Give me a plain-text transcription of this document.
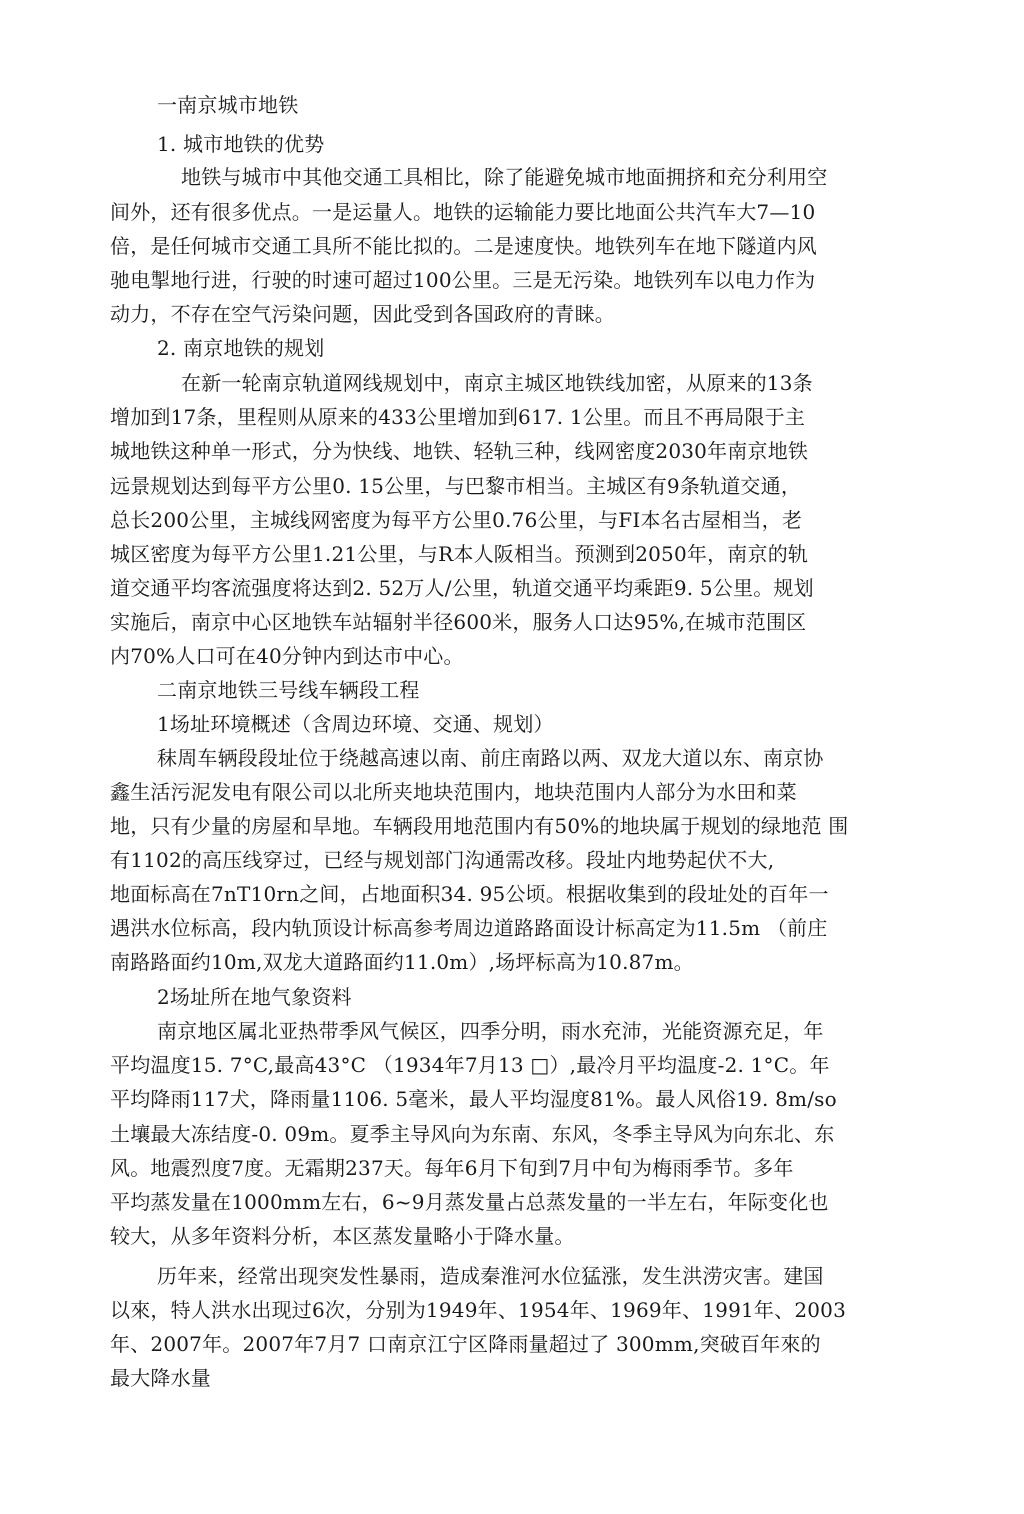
一南京城市地铁
1. 城市地铁的优势
地铁与城市中其他交通工具相比，除了能避免城市地面拥挤和充分利用空
间外，还有很多优点。一是运量人。地铁的运输能力要比地面公共汽车大7—10
倍，是任何城市交通工具所不能比拟的。二是速度快。地铁列车在地下隧道内风
驰电掣地行进，行驶的时速可超过100公里。三是无污染。地铁列车以电力作为
动力，不存在空气污染问题，因此受到各国政府的青睐。
2. 南京地铁的规划
在新一轮南京轨道网线规划中，南京主城区地铁线加密，从原来的13条
增加到17条，里程则从原来的433公里增加到617. 1公里。而且不再局限于主
城地铁这种单一形式，分为快线、地铁、轻轨三种，线网密度2030年南京地铁
远景规划达到每平方公里0. 15公里，与巴黎市相当。主城区有9条轨道交通，
总长200公里，主城线网密度为每平方公里0.76公里，与FI本名古屋相当，老
城区密度为每平方公里1.21公里，与R本人阪相当。预测到2050年，南京的轨
道交通平均客流强度将达到2. 52万人/公里，轨道交通平均乘距9. 5公里。规划
实施后，南京中心区地铁车站辐射半径600米，服务人口达95%,在城市范围区
内70%人口可在40分钟内到达市中心。
二南京地铁三号线车辆段工程
1场址环境概述（含周边环境、交通、规划）
秣周车辆段段址位于绕越高速以南、前庄南路以两、双龙大道以东、南京协
鑫生活污泥发电有限公司以北所夹地块范围内，地块范围内人部分为水田和菜
地，只有少量的房屋和旱地。车辆段用地范围内有50%的地块属于规划的绿地范 围
有1102的高压线穿过，已经与规划部门沟通需改移。段址内地势起伏不大,
地面标高在7nT10rn之间，占地面积34. 95公顷。根据收集到的段址处的百年一
遇洪水位标高，段内轨顶设计标高参考周边道路路面设计标高定为11.5m （前庄
南路路面约10m,双龙大道路面约11.0m）,场坪标高为10.87m。
2场址所在地气象资料
南京地区属北亚热带季风气候区，四季分明，雨水充沛，光能资源充足，年
平均温度15. 7°C,最高43°C （1934年7月13 □）,最冷月平均温度-2. 1°C。年
平均降雨117犬，降雨量1106. 5毫米，最人平均湿度81%。最人风俗19. 8m/so
土壤最大冻结度-0. 09m。夏季主导风向为东南、东风，冬季主导风为向东北、东
风。地震烈度7度。无霜期237天。每年6月下旬到7月中旬为梅雨季节。多年
平均蒸发量在1000mm左右，6~9月蒸发量占总蒸发量的一半左右，年际变化也
较大，从多年资料分析，本区蒸发量略小于降水量。
历年来，经常出现突发性暴雨，造成秦淮河水位猛涨，发生洪涝灾害。建国
以來，特人洪水出现过6次，分别为1949年、1954年、1969年、1991年、2003
年、2007年。2007年7月7 口南京江宁区降雨量超过了 300mm,突破百年來的
最大降水量
